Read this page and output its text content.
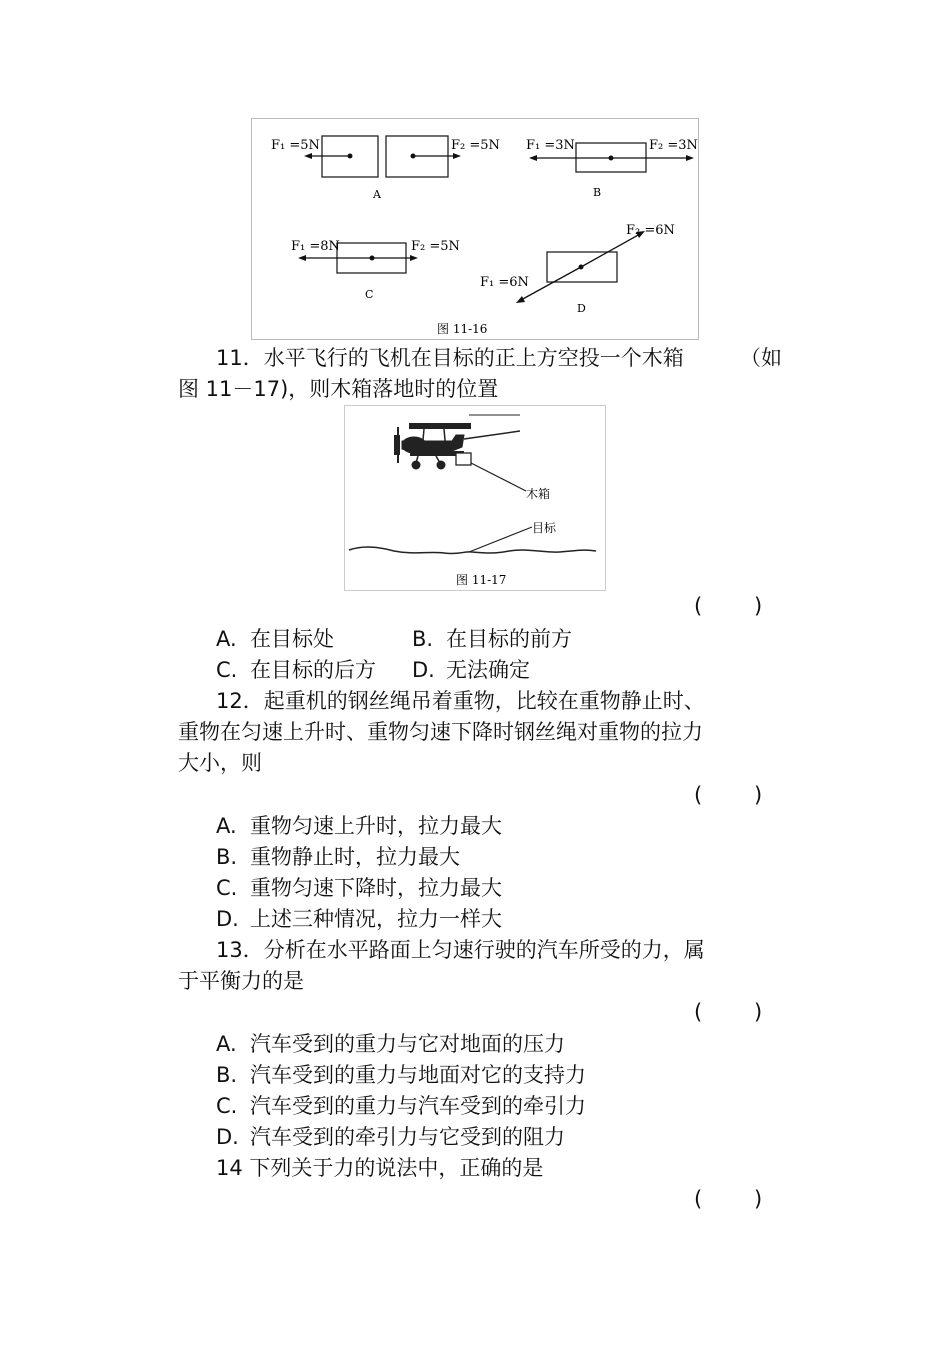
F₁ =5N	F₂ =5N
A
F₁ =3N	F₂ =3N
B
F₁ =8N	F₂ =5N
C
F₁ =6N
F₂ =6N
D
图 11-16
11．水平飞行的飞机在目标的正上方空投一个木箱	（如
图 11－17)，则木箱落地时的位置
木箱
目标
图 11-17
( )
A. 在目标处	B. 在目标的前方
C. 在目标的后方 D. 无法确定
12．起重机的钢丝绳吊着重物，比较在重物静止时、
重物在匀速上升时、重物匀速下降时钢丝绳对重物的拉力
大小，则
( )
A. 重物匀速上升时，拉力最大
B. 重物静止时，拉力最大
C. 重物匀速下降时，拉力最大
D. 上述三种情况，拉力一样大
13．分析在水平路面上匀速行驶的汽车所受的力，属
于平衡力的是
( )
A. 汽车受到的重力与它对地面的压力
B. 汽车受到的重力与地面对它的支持力
C. 汽车受到的重力与汽车受到的牵引力
D. 汽车受到的牵引力与它受到的阻力
14 下列关于力的说法中，正确的是
( )
